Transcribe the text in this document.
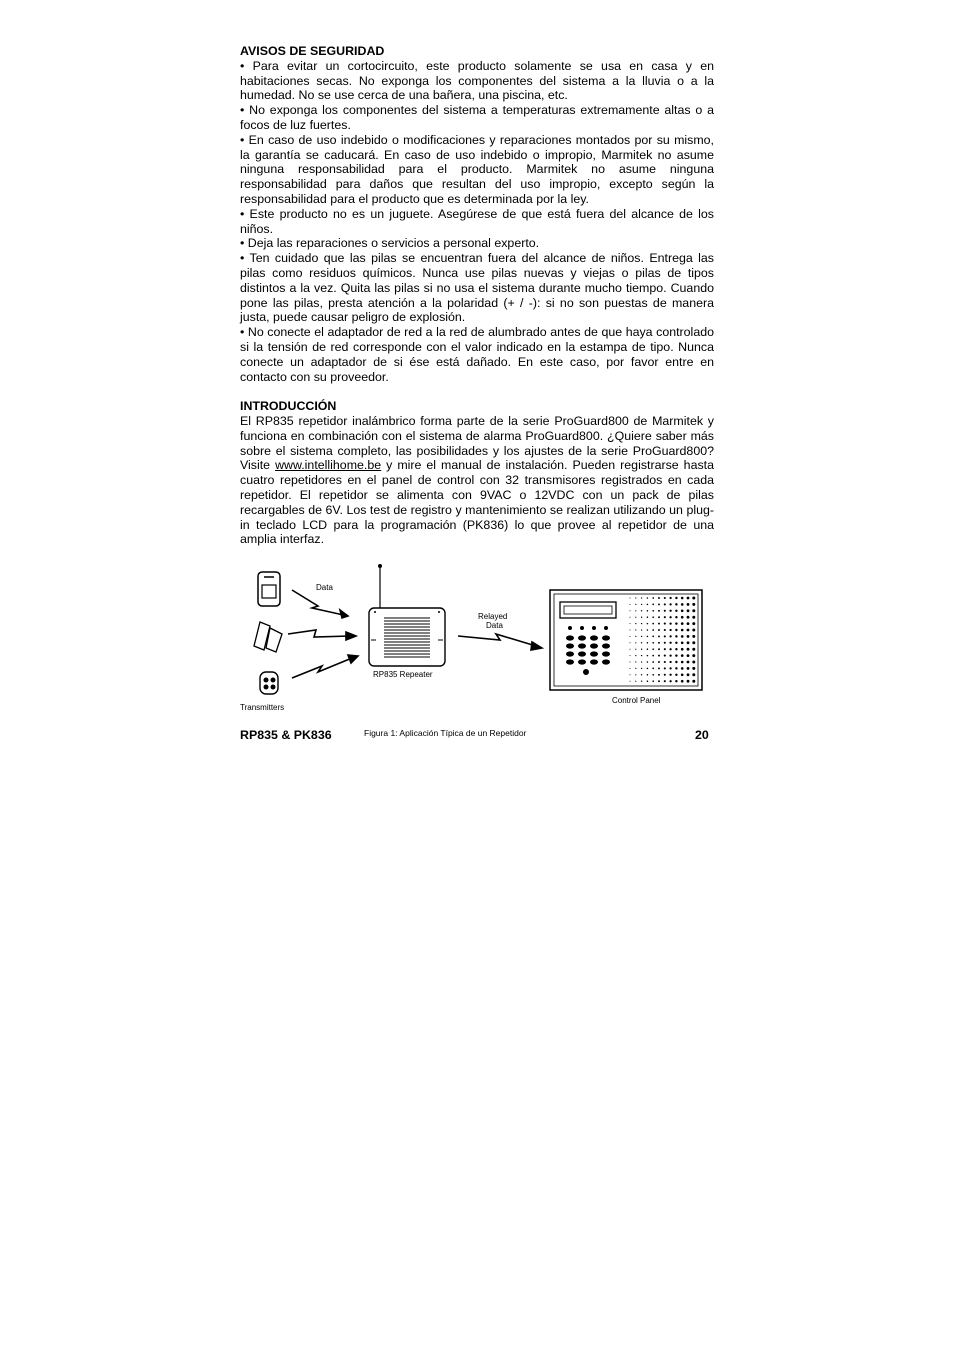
AVISOS DE SEGURIDAD

• Para evitar un cortocircuito, este producto solamente se usa en casa y en habitaciones secas. No exponga los componentes del sistema a la lluvia o a la humedad. No se use cerca de una bañera, una piscina, etc.

• No exponga los componentes del sistema a temperaturas extremamente altas o a focos de luz fuertes.

• En caso de uso indebido o modificaciones y reparaciones montados por su mismo, la garantía se caducará. En caso de uso indebido o impropio, Marmitek no asume ninguna responsabilidad para el producto. Marmitek no asume ninguna responsabilidad para daños que resultan del uso impropio, excepto según la responsabilidad para el producto que es determinada por la ley.

• Este producto no es un juguete. Asegúrese de que está fuera del alcance de los niños.

• Deja las reparaciones o servicios a personal experto.

• Ten cuidado que las pilas se encuentran fuera del alcance de niños. Entrega las pilas como residuos químicos. Nunca use pilas nuevas y viejas o pilas de tipos distintos a la vez. Quita las pilas si no usa el sistema durante mucho tiempo. Cuando pone las pilas, presta atención a la polaridad (+ / -): si no son puestas de manera justa, puede causar peligro de explosión.

• No conecte el adaptador de red a la red de alumbrado antes de que haya controlado si la tensión de red corresponde con el valor indicado en la estampa de tipo. Nunca conecte un adaptador de si ése está dañado. En este caso, por favor entre en contacto con su proveedor.

INTRODUCCIÓN

El RP835 repetidor inalámbrico forma parte de la serie ProGuard800 de Marmitek y funciona en combinación con el sistema de alarma ProGuard800. ¿Quiere saber más sobre el sistema completo, las posibilidades y los ajustes de la serie ProGuard800? Visite www.intellihome.be y mire el manual de instalación. Pueden registrarse hasta cuatro repetidores en el panel de control con 32 transmisores registrados en cada repetidor. El repetidor se alimenta con 9VAC o 12VDC con un pack de pilas recargables de 6V. Los test de registro y mantenimiento se realizan utilizando un plug-in teclado LCD para la programación (PK836) lo que provee al repetidor de una amplia interfaz.

Data
Transmitters
RP835 Repeater
Relayed
Data
Control Panel
RP835 & PK836	Figura 1: Aplicación Típica de un Repetidor	20
